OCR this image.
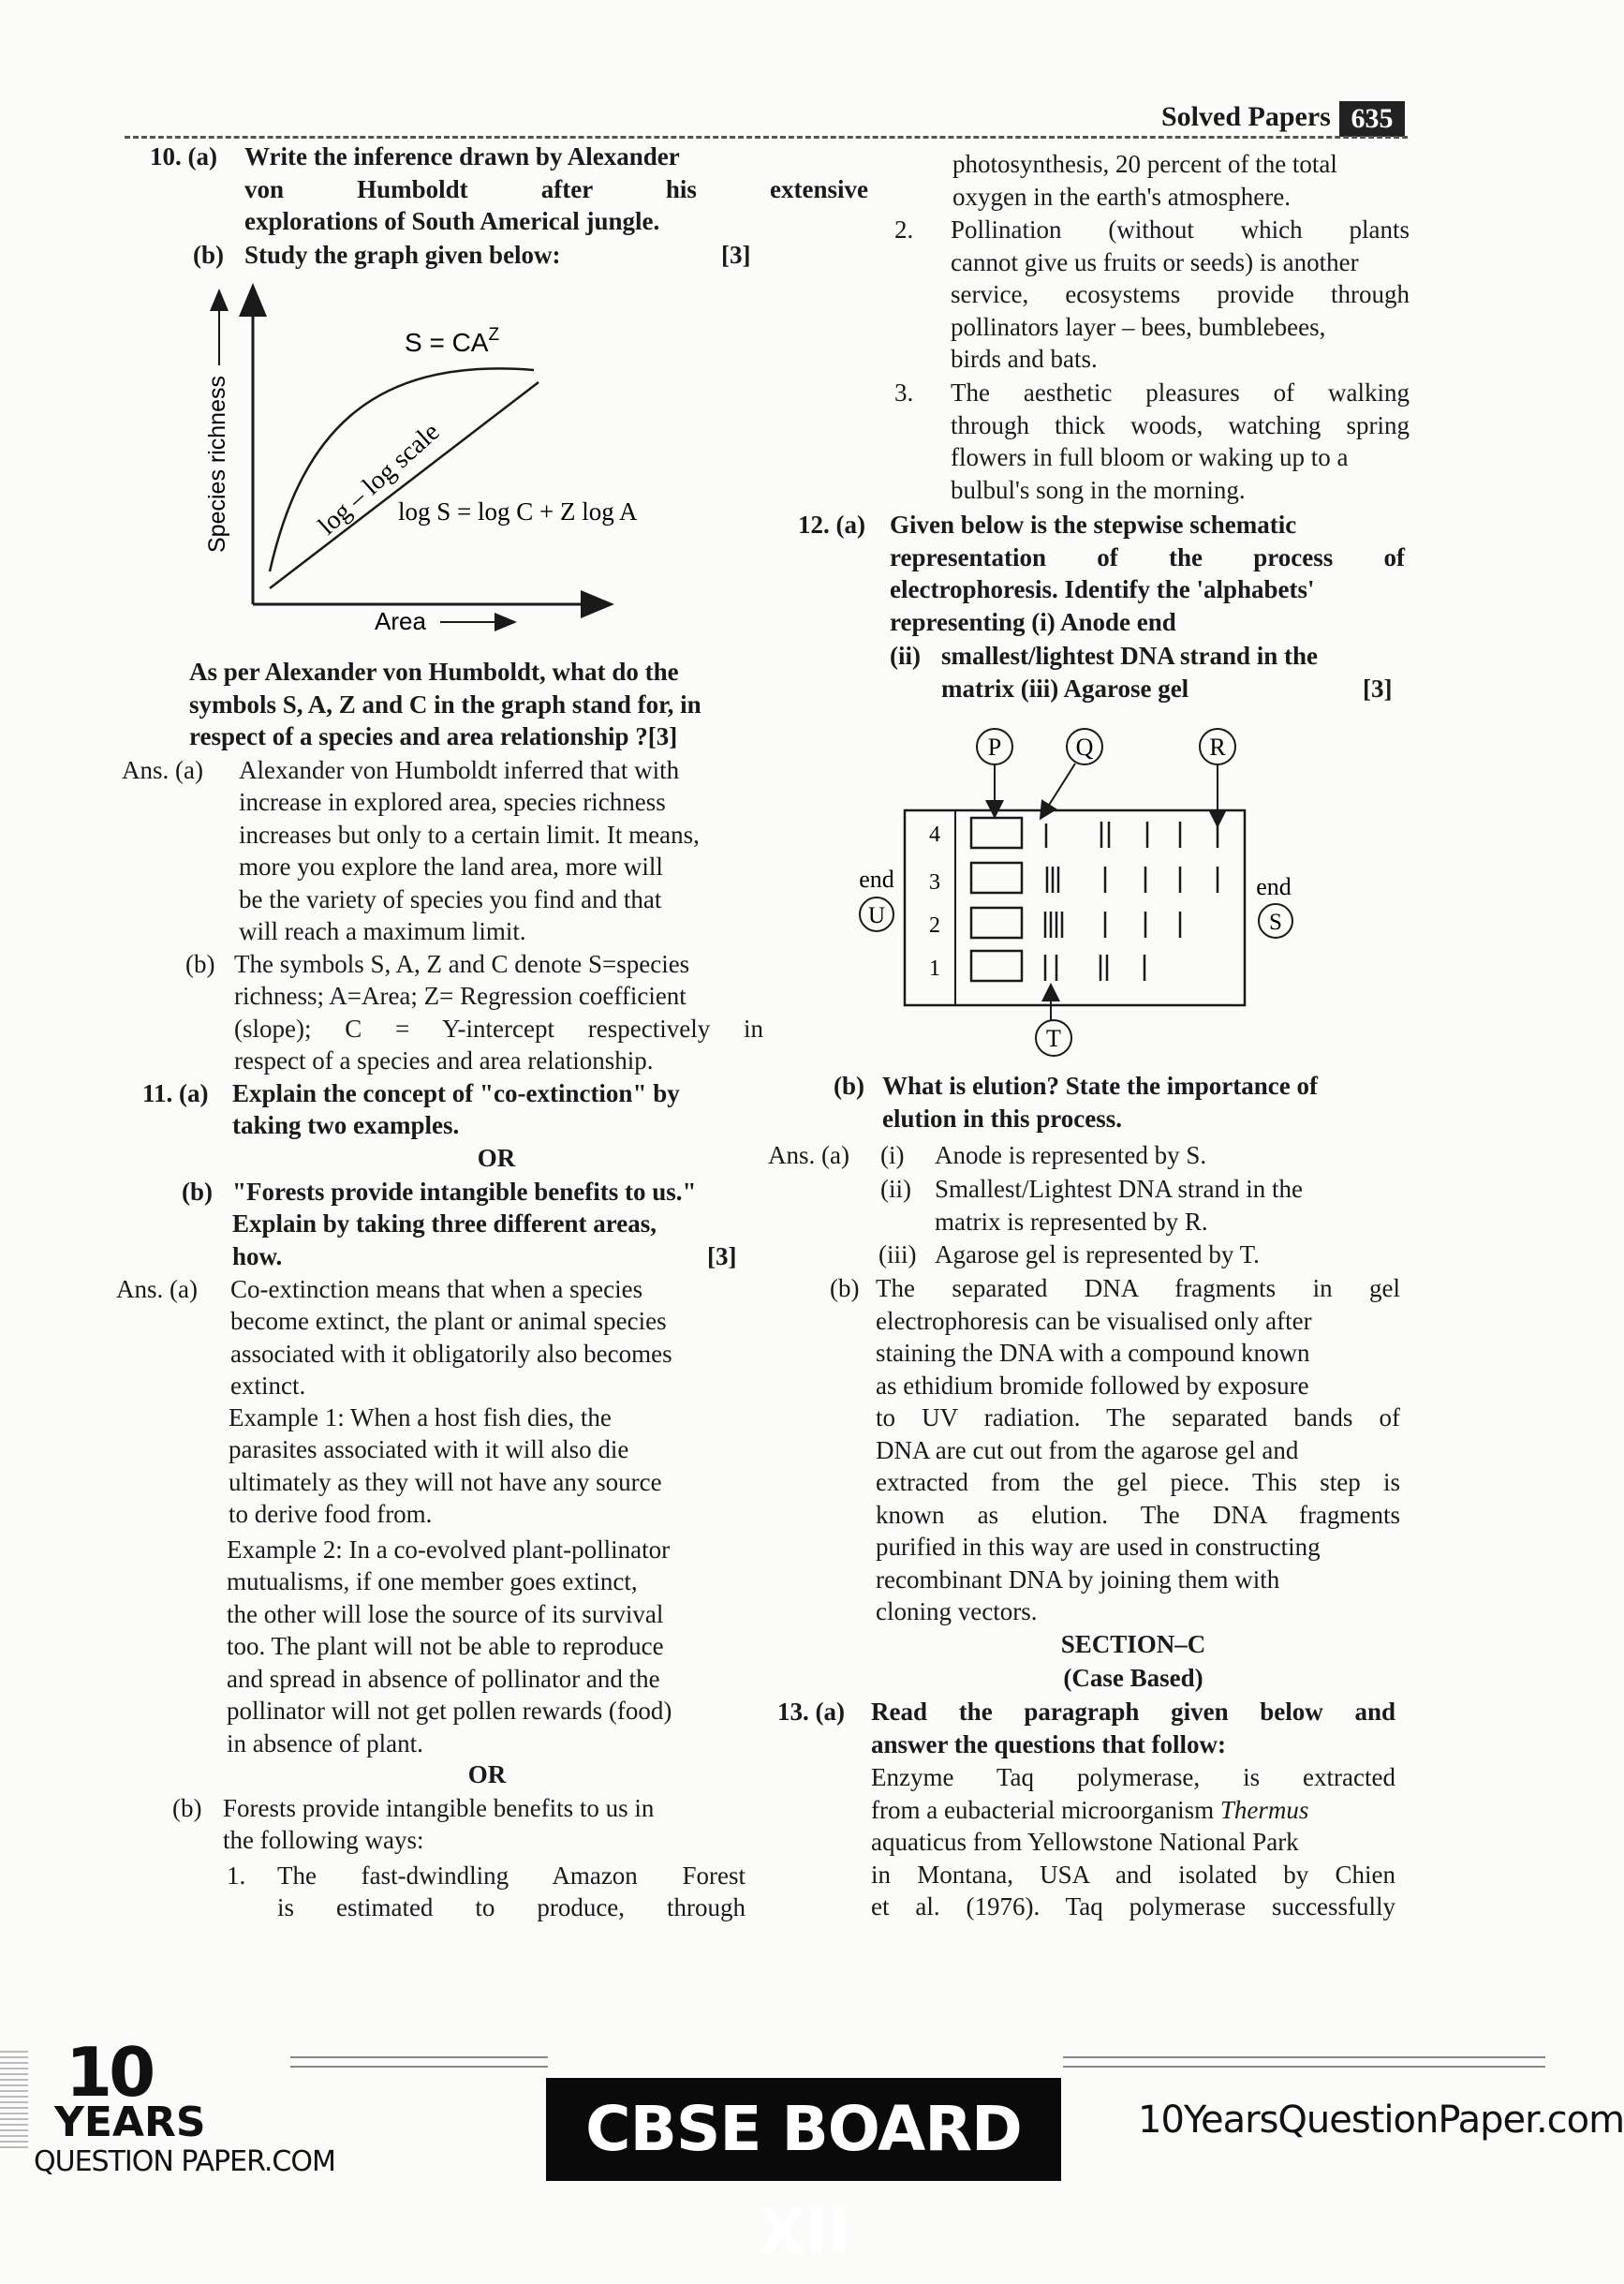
Solved Papers 635
10. (a) Write the inference drawn by Alexander
von Humboldt after his extensive
explorations of South Americal jungle.
(b) Study the graph given below:	[3]
$S = CA^Z$
log – log scale
log S = log C + Z log A
Species richness
Area
As per Alexander von Humboldt, what do the
symbols S, A, Z and C in the graph stand for, in
respect of a species and area relationship ?[3]
Ans. (a) Alexander von Humboldt inferred that with
increase in explored area, species richness
increases but only to a certain limit. It means,
more you explore the land area, more will
be the variety of species you find and that
will reach a maximum limit.
(b) The symbols S, A, Z and C denote S=species
richness; A=Area; Z= Regression coefficient
(slope); C = Y-intercept respectively in
respect of a species and area relationship.
11. (a) Explain the concept of "co-extinction" by
taking two examples.
OR
(b) "Forests provide intangible benefits to us."
Explain by taking three different areas,
how.	[3]
Ans. (a) Co-extinction means that when a species
become extinct, the plant or animal species
associated with it obligatorily also becomes
extinct.
Example 1: When a host fish dies, the
parasites associated with it will also die
ultimately as they will not have any source
to derive food from.
Example 2: In a co-evolved plant-pollinator
mutualisms, if one member goes extinct,
the other will lose the source of its survival
too. The plant will not be able to reproduce
and spread in absence of pollinator and the
pollinator will not get pollen rewards (food)
in absence of plant.
OR
(b) Forests provide intangible benefits to us in
the following ways:
1. The fast-dwindling Amazon Forest
is estimated to produce, through
photosynthesis, 20 percent of the total
oxygen in the earth's atmosphere.
2. Pollination (without which plants
cannot give us fruits or seeds) is another
service, ecosystems provide through
pollinators layer – bees, bumblebees,
birds and bats.
3. The aesthetic pleasures of walking
through thick woods, watching spring
flowers in full bloom or waking up to a
bulbul's song in the morning.
12. (a) Given below is the stepwise schematic
representation of the process of
electrophoresis. Identify the 'alphabets'
representing (i) Anode end
(ii) smallest/lightest DNA strand in the
matrix (iii) Agarose gel	[3]
P	Q	R
4
3
2
1
T
end
U
end
S
(b) What is elution? State the importance of
elution in this process.
Ans. (a) (i) Anode is represented by S.
(ii) Smallest/Lightest DNA strand in the
matrix is represented by R.
(iii) Agarose gel is represented by T.
(b) The separated DNA fragments in gel
electrophoresis can be visualised only after
staining the DNA with a compound known
as ethidium bromide followed by exposure
to UV radiation. The separated bands of
DNA are cut out from the agarose gel and
extracted from the gel piece. This step is
known as elution. The DNA fragments
purified in this way are used in constructing
recombinant DNA by joining them with
cloning vectors.
SECTION–C
(Case Based)
13. (a) Read the paragraph given below and
answer the questions that follow:
Enzyme Taq polymerase, is extracted
from a eubacterial microorganism Thermus
aquaticus from Yellowstone National Park
in Montana, USA and isolated by Chien
et al. (1976). Taq polymerase successfully
10
YEARS
QUESTION PAPER.COM	CBSE BOARD XII
10YearsQuestionPaper.com
